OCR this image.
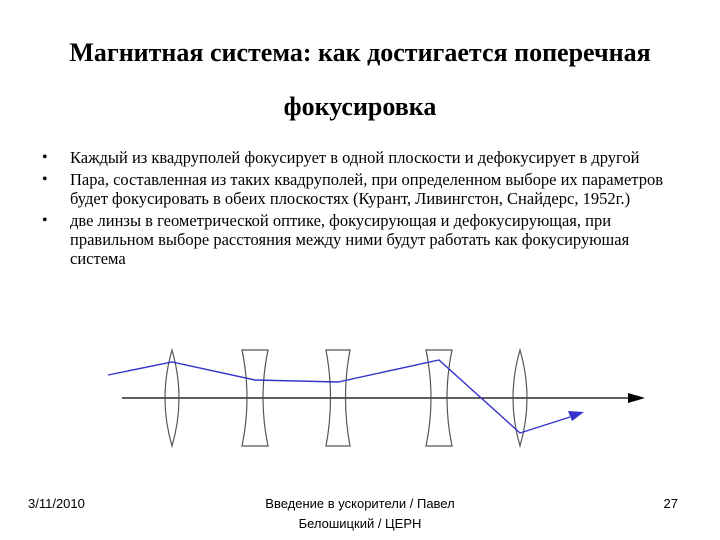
Магнитная система: как достигается поперечная
фокусировка
• Каждый из квадруполей фокусирует в одной плоскости и дефокусирует в другой
• Пара, составленная из таких квадруполей, при определенном выборе их параметров будет фокусировать в обеих плоскостях (Курант, Ливингстон, Снайдерс, 1952г.)
• две линзы в геометрической оптике, фокусирующая и дефокусирующая, при правильном выборе расстояния между ними будут работать как фокусируюшая система
3/11/2010	Введение в ускорители / Павел
Белошицкий / ЦЕРН
27
